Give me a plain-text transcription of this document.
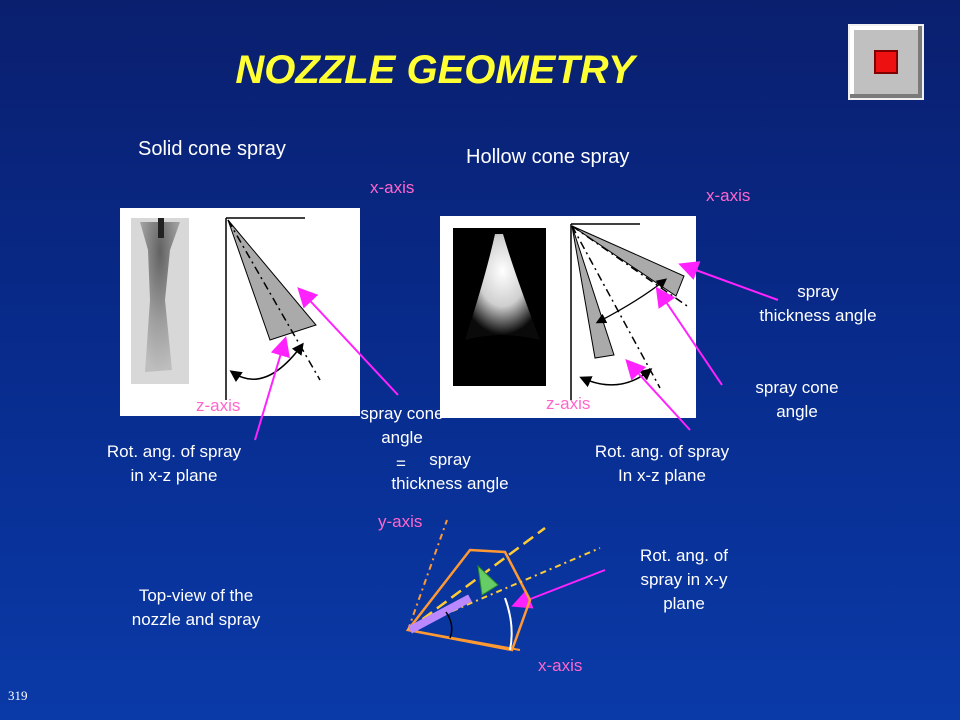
NOZZLE GEOMETRY
Solid cone spray	Hollow cone spray
x-axis	x-axis
z-axis
Rot. ang. of spray
in x-z plane
spray cone
angle
=	spray
thickness angle
z-axis
spray
thickness angle
spray cone
angle
Rot. ang. of spray
In x-z plane
Top-view of the
nozzle and spray
y-axis
x-axis
Rot. ang. of
spray in x-y
plane
319
